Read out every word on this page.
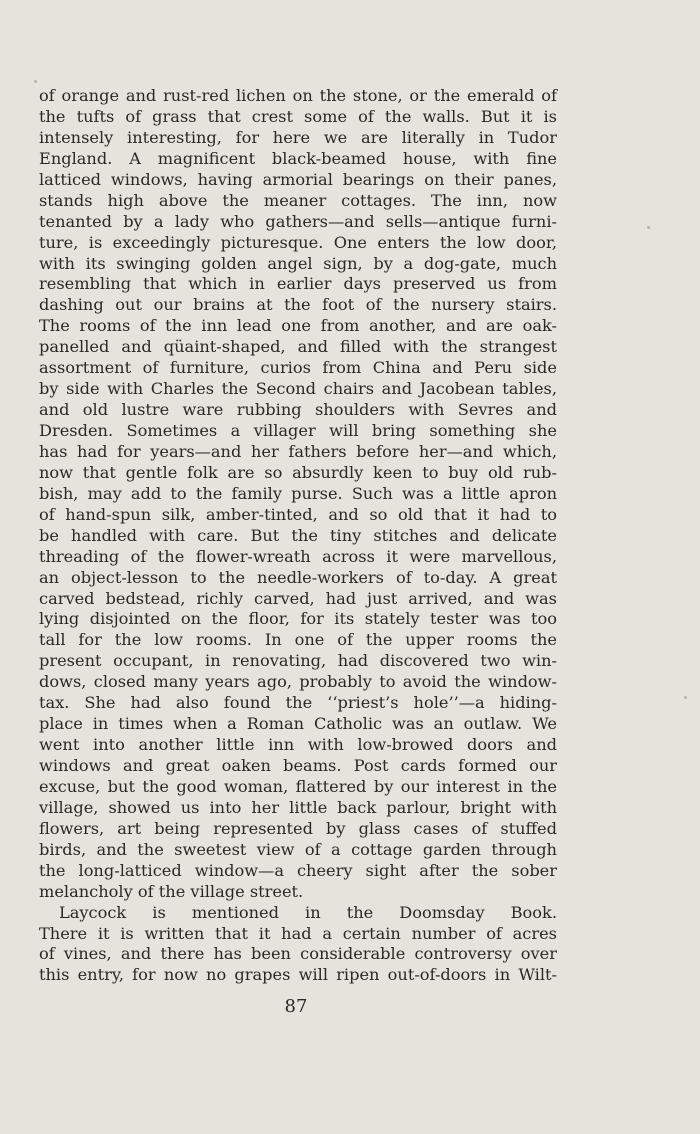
of orange and rust-red lichen on the stone, or the emerald of
the tufts of grass that crest some of the walls. But it is
intensely interesting, for here we are literally in Tudor
England. A magnificent black-beamed house, with fine
latticed windows, having armorial bearings on their panes,
stands high above the meaner cottages. The inn, now
tenanted by a lady who gathers—and sells—antique furni-
ture, is exceedingly picturesque. One enters the low door,
with its swinging golden angel sign, by a dog-gate, much
resembling that which in earlier days preserved us from
dashing out our brains at the foot of the nursery stairs.
The rooms of the inn lead one from another, and are oak-
panelled and qüaint-shaped, and filled with the strangest
assortment of furniture, curios from China and Peru side
by side with Charles the Second chairs and Jacobean tables,
and old lustre ware rubbing shoulders with Sevres and
Dresden. Sometimes a villager will bring something she
has had for years—and her fathers before her—and which,
now that gentle folk are so absurdly keen to buy old rub-
bish, may add to the family purse. Such was a little apron
of hand-spun silk, amber-tinted, and so old that it had to
be handled with care. But the tiny stitches and delicate
threading of the flower-wreath across it were marvellous,
an object-lesson to the needle-workers of to-day. A great
carved bedstead, richly carved, had just arrived, and was
lying disjointed on the floor, for its stately tester was too
tall for the low rooms. In one of the upper rooms the
present occupant, in renovating, had discovered two win-
dows, closed many years ago, probably to avoid the window-
tax. She had also found the ‘‘priest’s hole’’—a hiding-
place in times when a Roman Catholic was an outlaw. We
went into another little inn with low-browed doors and
windows and great oaken beams. Post cards formed our
excuse, but the good woman, flattered by our interest in the
village, showed us into her little back parlour, bright with
flowers, art being represented by glass cases of stuffed
birds, and the sweetest view of a cottage garden through
the long-latticed window—a cheery sight after the sober
melancholy of the village street.
Laycock is mentioned in the Doomsday Book.
There it is written that it had a certain number of acres
of vines, and there has been considerable controversy over
this entry, for now no grapes will ripen out-of-doors in Wilt-
87
